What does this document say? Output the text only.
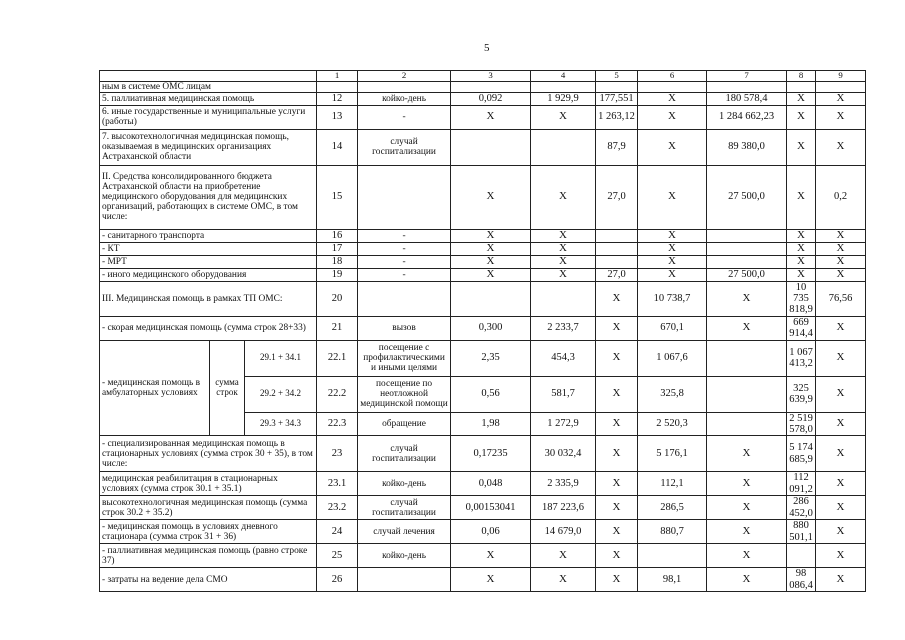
5
			1	2	3	4	5	6	7	8	9
ным в системе ОМС лицам											
5. паллиативная медицинская помощь			12	койко-день	0,092	1 929,9	177,551	Х	180 578,4	Х	Х
6. иные государственные и муниципальные услуги (работы)			13	-	Х	Х	1 263,12	Х	1 284 662,23	Х	Х
7. высокотехнологичная медицинская помощь, оказываемая в медицинских организациях Астраханской области			14	случай госпитализации			87,9	Х	89 380,0	Х	Х
II. Средства консолидированного бюджета Астраханской области на приобретение медицинского оборудования для медицинских организаций, работающих в системе ОМС, в том числе:			15		Х	Х	27,0	Х	27 500,0	Х	0,2
- санитарного транспорта			16	-	Х	Х		Х		Х	Х
- КТ			17	-	Х	Х		Х		Х	Х
- МРТ			18	-	Х	Х		Х		Х	Х
- иного медицинского оборудования			19	-	Х	Х	27,0	Х	27 500,0	Х	Х
III. Медицинская помощь в рамках ТП ОМС:			20				Х	10 738,7	Х	10 735 818,9	76,56
- скорая медицинская помощь (сумма строк 28+33)			21	вызов	0,300	2 233,7	Х	670,1	Х	669 914,4	Х
- медицинская помощь в амбулаторных условиях	сумма строк	29.1 + 34.1	22.1	посещение с профилактическими и иными целями	2,35	454,3	Х	1 067,6		1 067 413,2	Х
		29.2 + 34.2	22.2	посещение по неотложной медицинской помощи	0,56	581,7	Х	325,8		325 639,9	Х
		29.3 + 34.3	22.3	обращение	1,98	1 272,9	Х	2 520,3		2 519 578,0	Х
- специализированная медицинская помощь в стационарных условиях (сумма строк 30 + 35), в том числе:			23	случай госпитализации	0,17235	30 032,4	Х	5 176,1	Х	5 174 685,9	Х
медицинская реабилитация в стационарных условиях (сумма строк 30.1 + 35.1)			23.1	койко-день	0,048	2 335,9	Х	112,1	Х	112 091,2	Х
высокотехнологичная медицинская помощь (сумма строк 30.2 + 35.2)			23.2	случай госпитализации	0,00153041	187 223,6	Х	286,5	Х	286 452,0	Х
- медицинская помощь в условиях дневного стационара (сумма строк 31 + 36)			24	случай лечения	0,06	14 679,0	Х	880,7	Х	880 501,1	Х
- паллиативная медицинская помощь (равно строке 37)			25	койко-день	Х	Х	Х		Х		Х
- затраты на ведение дела СМО			26		Х	Х	Х	98,1	Х	98 086,4	Х
